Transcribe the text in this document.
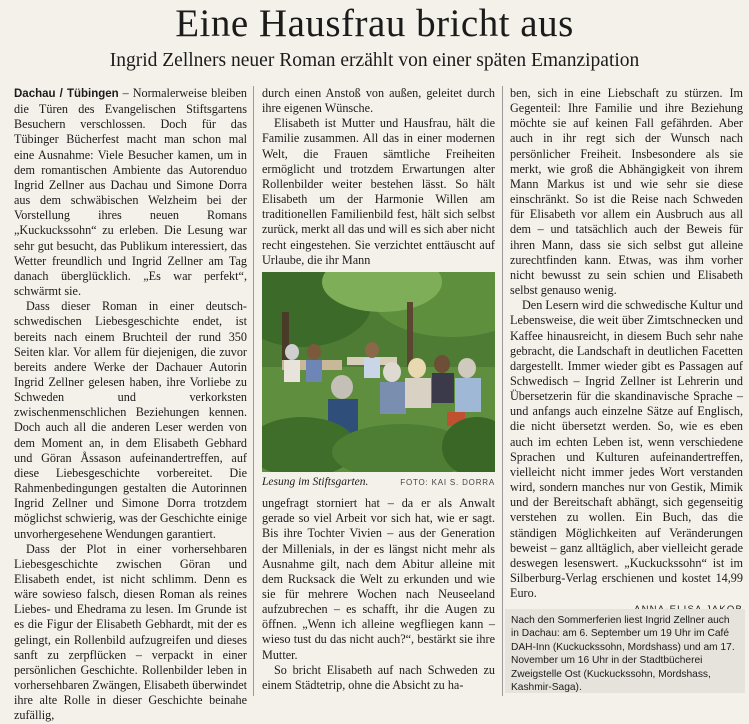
Eine Hausfrau bricht aus
Ingrid Zellners neuer Roman erzählt von einer späten Emanzipation

Dachau / Tübingen – Normalerweise bleiben die Türen des Evangelischen Stiftsgartens Besuchern verschlossen. Doch für das Tübinger Bücherfest macht man schon mal eine Ausnahme: Viele Besucher kamen, um in dem romantischen Ambiente das Autorenduo Ingrid Zellner aus Dachau und Simone Dorra aus dem schwäbischen Welzheim bei der Vorstellung ihres neuen Romans „Kuckuckssohn“ zu erleben. Die Lesung war sehr gut besucht, das Publikum interessiert, das Wetter freundlich und Ingrid Zellner am Tag danach überglücklich. „Es war perfekt“, schwärmt sie.

Dass dieser Roman in einer deutsch-schwedischen Liebesgeschichte endet, ist bereits nach einem Bruchteil der rund 350 Seiten klar. Vor allem für diejenigen, die zuvor bereits andere Werke der Dachauer Autorin Ingrid Zellner gelesen haben, ihre Vorliebe zu Schweden und verkorksten zwischenmenschlichen Beziehungen kennen. Doch auch all die anderen Leser werden von dem Moment an, in dem Elisabeth Gebhard und Göran Åssason aufeinandertreffen, auf diese Liebesgeschichte vorbereitet. Die Rahmenbedingungen gestalten die Autorinnen Ingrid Zellner und Simone Dorra trotzdem möglichst schwierig, was der Geschichte einige unvorhergesehene Wendungen garantiert.

Dass der Plot in einer vorhersehbaren Liebesgeschichte zwischen Göran und Elisabeth endet, ist nicht schlimm. Denn es wäre sowieso falsch, diesen Roman als reines Liebes- und Ehedrama zu lesen. Im Grunde ist es die Figur der Elisabeth Gebhardt, mit der es gelingt, ein Rollenbild aufzugreifen und dieses sanft zu zerpflücken – verpackt in einer persönlichen Geschichte. Rollenbilder leben in vorhersehbaren Zwängen, Elisabeth überwindet ihre alte Rolle in dieser Geschichte beinahe zufällig,

durch einen Anstoß von außen, geleitet durch ihre eigenen Wünsche.

Elisabeth ist Mutter und Hausfrau, hält die Familie zusammen. All das in einer modernen Welt, die Frauen sämtliche Freiheiten ermöglicht und trotzdem Erwartungen alter Rollenbilder weiter bestehen lässt. So hält Elisabeth um der Harmonie Willen am traditionellen Familienbild fest, hält sich selbst zurück, merkt all das und will es sich aber nicht recht eingestehen. Sie verzichtet enttäuscht auf Urlaube, die ihr Mann

Lesung im Stiftsgarten.	FOTO: KAI S. DORRA

ungefragt storniert hat – da er als Anwalt gerade so viel Arbeit vor sich hat, wie er sagt. Bis ihre Tochter Vivien – aus der Generation der Millenials, in der es längst nicht mehr als Ausnahme gilt, nach dem Abitur alleine mit dem Rucksack die Welt zu erkunden und wie sie für mehrere Wochen nach Neuseeland aufzubrechen – es schafft, ihr die Augen zu öffnen. „Wenn ich alleine wegfliegen kann – wieso tust du das nicht auch?“, bestärkt sie ihre Mutter.

So bricht Elisabeth auf nach Schweden zu einem Städtetrip, ohne die Absicht zu ha-

ben, sich in eine Liebschaft zu stürzen. Im Gegenteil: Ihre Familie und ihre Beziehung möchte sie auf keinen Fall gefährden. Aber auch in ihr regt sich der Wunsch nach persönlicher Freiheit. Insbesondere als sie merkt, wie groß die Abhängigkeit von ihrem Mann Markus ist und wie sehr sie diese einschränkt. So ist die Reise nach Schweden für Elisabeth vor allem ein Ausbruch aus all dem – und tatsächlich auch der Beweis für ihren Mann, dass sie sich selbst gut alleine zurechtfinden kann. Etwas, was ihm vorher nicht bewusst zu sein schien und Elisabeth selbst genauso wenig.

Den Lesern wird die schwedische Kultur und Lebensweise, die weit über Zimtschnecken und Kaffee hinausreicht, in diesem Buch sehr nahe gebracht, die Landschaft in deutlichen Facetten dargestellt. Immer wieder gibt es Passagen auf Schwedisch – Ingrid Zellner ist Lehrerin und Übersetzerin für die skandinavische Sprache – und anfangs auch einzelne Sätze auf Englisch, die nicht übersetzt werden. So, wie es eben auch im echten Leben ist, wenn verschiedene Sprachen und Kulturen aufeinandertreffen, vielleicht nicht immer jedes Wort verstanden wird, sondern manches nur von Gestik, Mimik und der Bereitschaft abhängt, sich gegenseitig verstehen zu wollen. Ein Buch, das die ständigen Möglichkeiten auf Veränderungen beweist – ganz alltäglich, aber vielleicht gerade deswegen lesenswert. „Kuckuckssohn“ ist im Silberburg-Verlag erschienen und kostet 14,99 Euro.

Nach den Sommerferien liest Ingrid Zellner auch in Dachau: am 6. September um 19 Uhr im Café DAH-Inn (Kuckuckssohn, Mordshass) und am 17. November um 16 Uhr in der Stadtbücherei Zweigstelle Ost (Kuckuckssohn, Mordshass, Kashmir-Saga).
